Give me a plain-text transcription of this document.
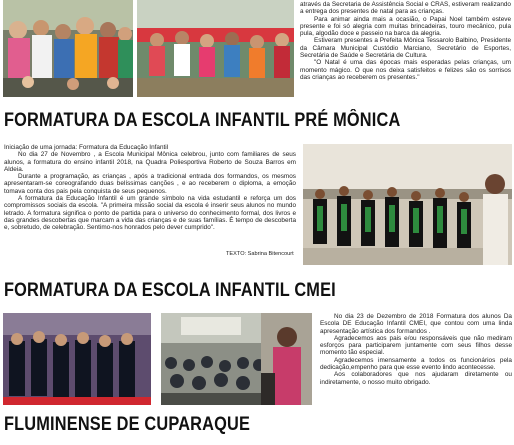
através da Secretaria de Assistência Social e CRAS, estiveram realizando a entrega dos presentes de natal para as crianças.

Para animar ainda mais a ocasião, o Papai Noel também esteve presente e foi só alegria com muitas brincadeiras, touro mecânico, pula pula, algodão doce e passeio na barca da alegria.

Estiveram presentes a Prefeita Mônica Tessarolo Balbino, Presidente da Câmara Municipal Custódio Marciano, Secretário de Esportes, Secretária de Saúde e Secretária de Cultura.

"O Natal é uma das épocas mais esperadas pelas crianças, um momento mágico. O que nos deixa satisfeitos e felizes são os sorrisos das crianças ao receberem os presentes."

FORMATURA DA ESCOLA INFANTIL PRÉ MÔNICA

Iniciação de uma jornada: Formatura da Educação Infantil

No dia 27 de Novembro , a Escola Municipal Mônica celebrou, junto com familiares de seus alunos, a formatura do ensino infantil 2018, na Quadra Poliesportiva Roberto de Souza Barros em Aldeia.

Durante a programação, as crianças , após a tradicional entrada dos formandos, os mesmos apresentaram-se coreografando duas belíssimas canções , e ao receberem o diploma, a emoção tomava conta dos pais pela conquista de seus pequenos.

A formatura da Educação Infantil é um grande símbolo na vida estudantil e reforça um dos compromissos sociais da escola. "A primeira missão social da escola é inserir seus alunos no mundo letrado. A formatura significa o ponto de partida para o universo do conhecimento formal, dos livros e das grandes descobertas que marcam a vida das crianças e de suas famílias. É tempo de descoberta e, sobretudo, de celebração. Sentimo-nos honrados pelo dever cumprido".

TEXTO: Sabrina Bitencourt
FORMATURA DA ESCOLA INFANTIL CMEI

No dia 23 de Dezembro de 2018 Formatura dos alunos Da Escola DE Educação Infantil CMEI, que contou com uma linda apresentação artística dos formandos .

Agradecemos aos pais e/ou responsáveis que não mediram esforços para participarem juntamente com seus filhos desse momento tão especial.

Agradecemos imensamente a todos os funcionários pela dedicação,empenho para que esse evento lindo acontecesse.

Aos colaboradores que nos ajudaram diretamente ou indiretamente, o nosso muito obrigado.

FLUMINENSE DE CUPARAQUE
